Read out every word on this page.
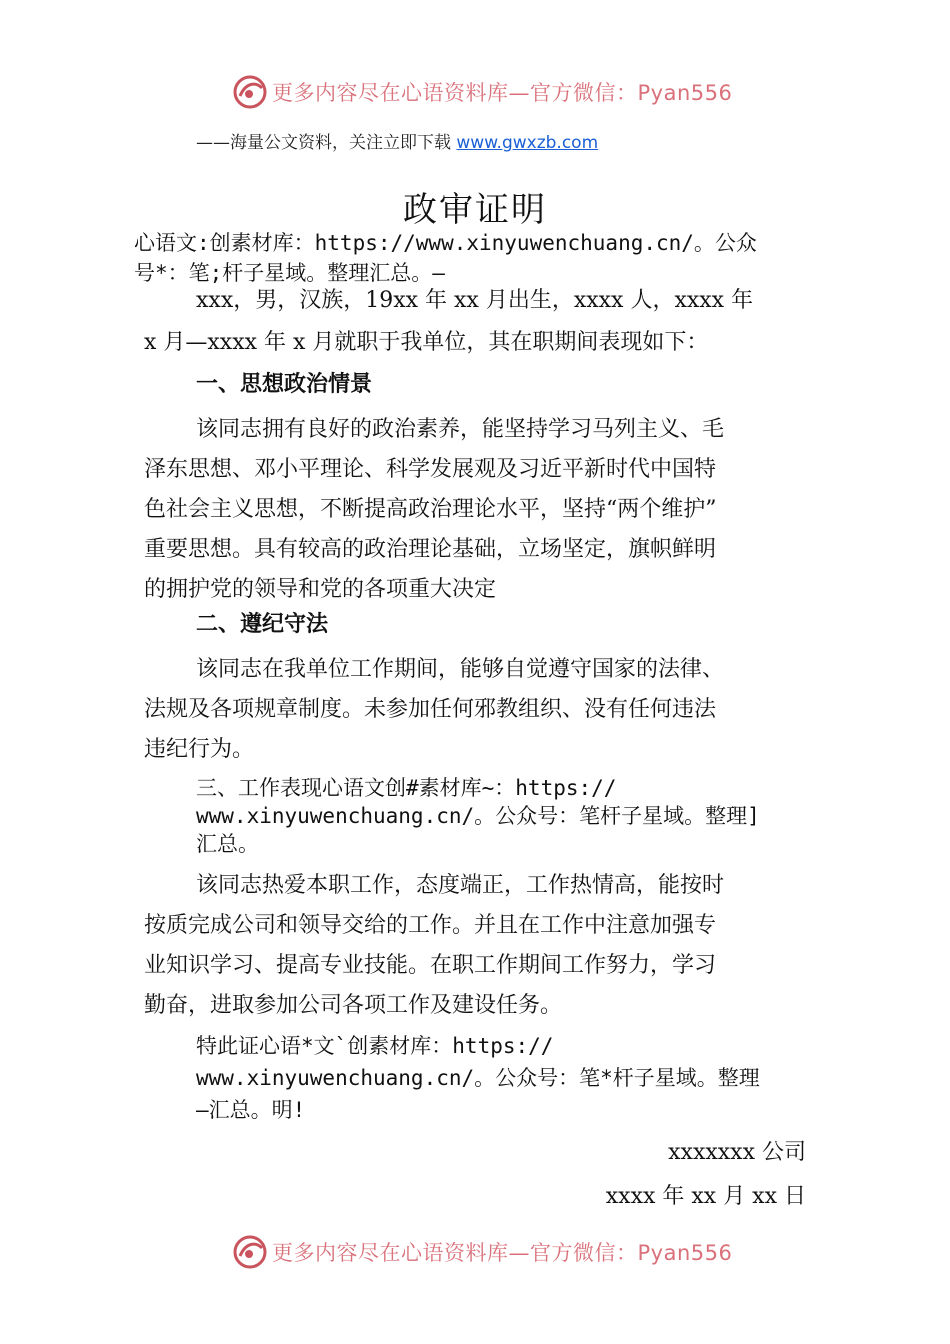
更多内容尽在心语资料库—官方微信：Pyan556
——海量公文资料，关注立即下载 www.gwxzb.com
政审证明
心语文:创素材库：https://www.xinyuwenchuang.cn/。公众
号*：笔;杆子星域。整理汇总。—
xxx，男，汉族，19xx 年 xx 月出生，xxxx 人，xxxx 年
x 月—xxxx 年 x 月就职于我单位，其在职期间表现如下：
一、思想政治情景
该同志拥有良好的政治素养，能坚持学习马列主义、毛
泽东思想、邓小平理论、科学发展观及习近平新时代中国特
色社会主义思想，不断提高政治理论水平，坚持“两个维护”
重要思想。具有较高的政治理论基础，立场坚定，旗帜鲜明
的拥护党的领导和党的各项重大决定
二、遵纪守法
该同志在我单位工作期间，能够自觉遵守国家的法律、
法规及各项规章制度。未参加任何邪教组织、没有任何违法
违纪行为。
三、工作表现心语文创#素材库~：https://
www.xinyuwenchuang.cn/。公众号：笔杆子星域。整理]
汇总。
该同志热爱本职工作，态度端正，工作热情高，能按时
按质完成公司和领导交给的工作。并且在工作中注意加强专
业知识学习、提高专业技能。在职工作期间工作努力，学习
勤奋，进取参加公司各项工作及建设任务。
特此证心语*文`创素材库：https://
www.xinyuwenchuang.cn/。公众号：笔*杆子星域。整理
—汇总。明!
xxxxxxx 公司
xxxx 年 xx 月 xx 日
更多内容尽在心语资料库—官方微信：Pyan556
